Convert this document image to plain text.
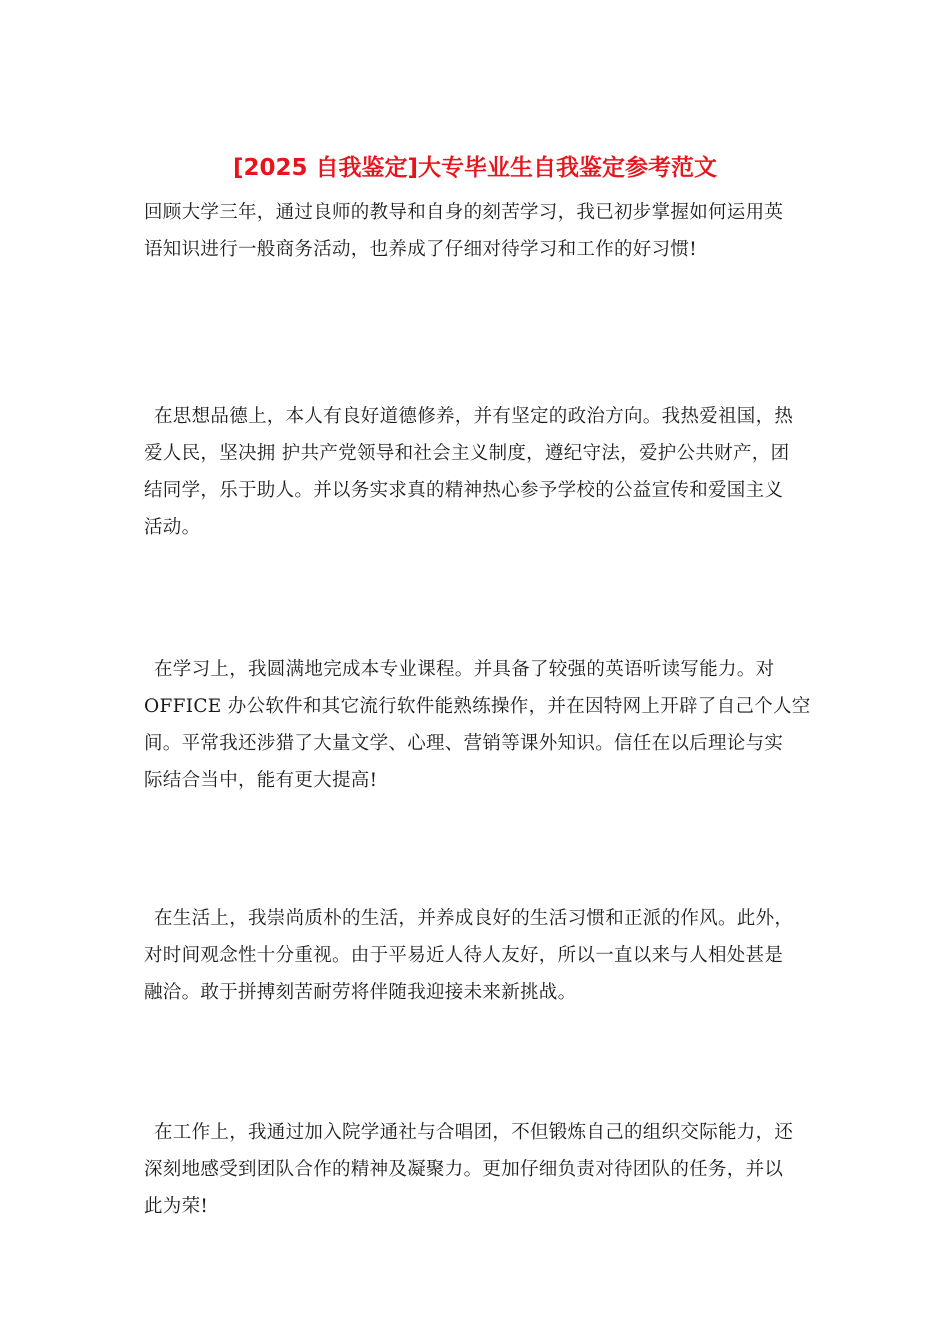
[2025 自我鉴定]大专毕业生自我鉴定参考范文

回顾大学三年，通过良师的教导和自身的刻苦学习，我已初步掌握如何运用英
语知识进行一般商务活动，也养成了仔细对待学习和工作的好习惯!

在思想品德上，本人有良好道德修养，并有坚定的政治方向。我热爱祖国，热
爱人民，坚决拥 护共产党领导和社会主义制度，遵纪守法，爱护公共财产，团
结同学，乐于助人。并以务实求真的精神热心参予学校的公益宣传和爱国主义
活动。

在学习上，我圆满地完成本专业课程。并具备了较强的英语听读写能力。对
OFFICE 办公软件和其它流行软件能熟练操作，并在因特网上开辟了自己个人空
间。平常我还涉猎了大量文学、心理、营销等课外知识。信任在以后理论与实
际结合当中，能有更大提高!

在生活上，我崇尚质朴的生活，并养成良好的生活习惯和正派的作风。此外，
对时间观念性十分重视。由于平易近人待人友好，所以一直以来与人相处甚是
融洽。敢于拼搏刻苦耐劳将伴随我迎接未来新挑战。

在工作上，我通过加入院学通社与合唱团，不但锻炼自己的组织交际能力，还
深刻地感受到团队合作的精神及凝聚力。更加仔细负责对待团队的任务，并以
此为荣!
